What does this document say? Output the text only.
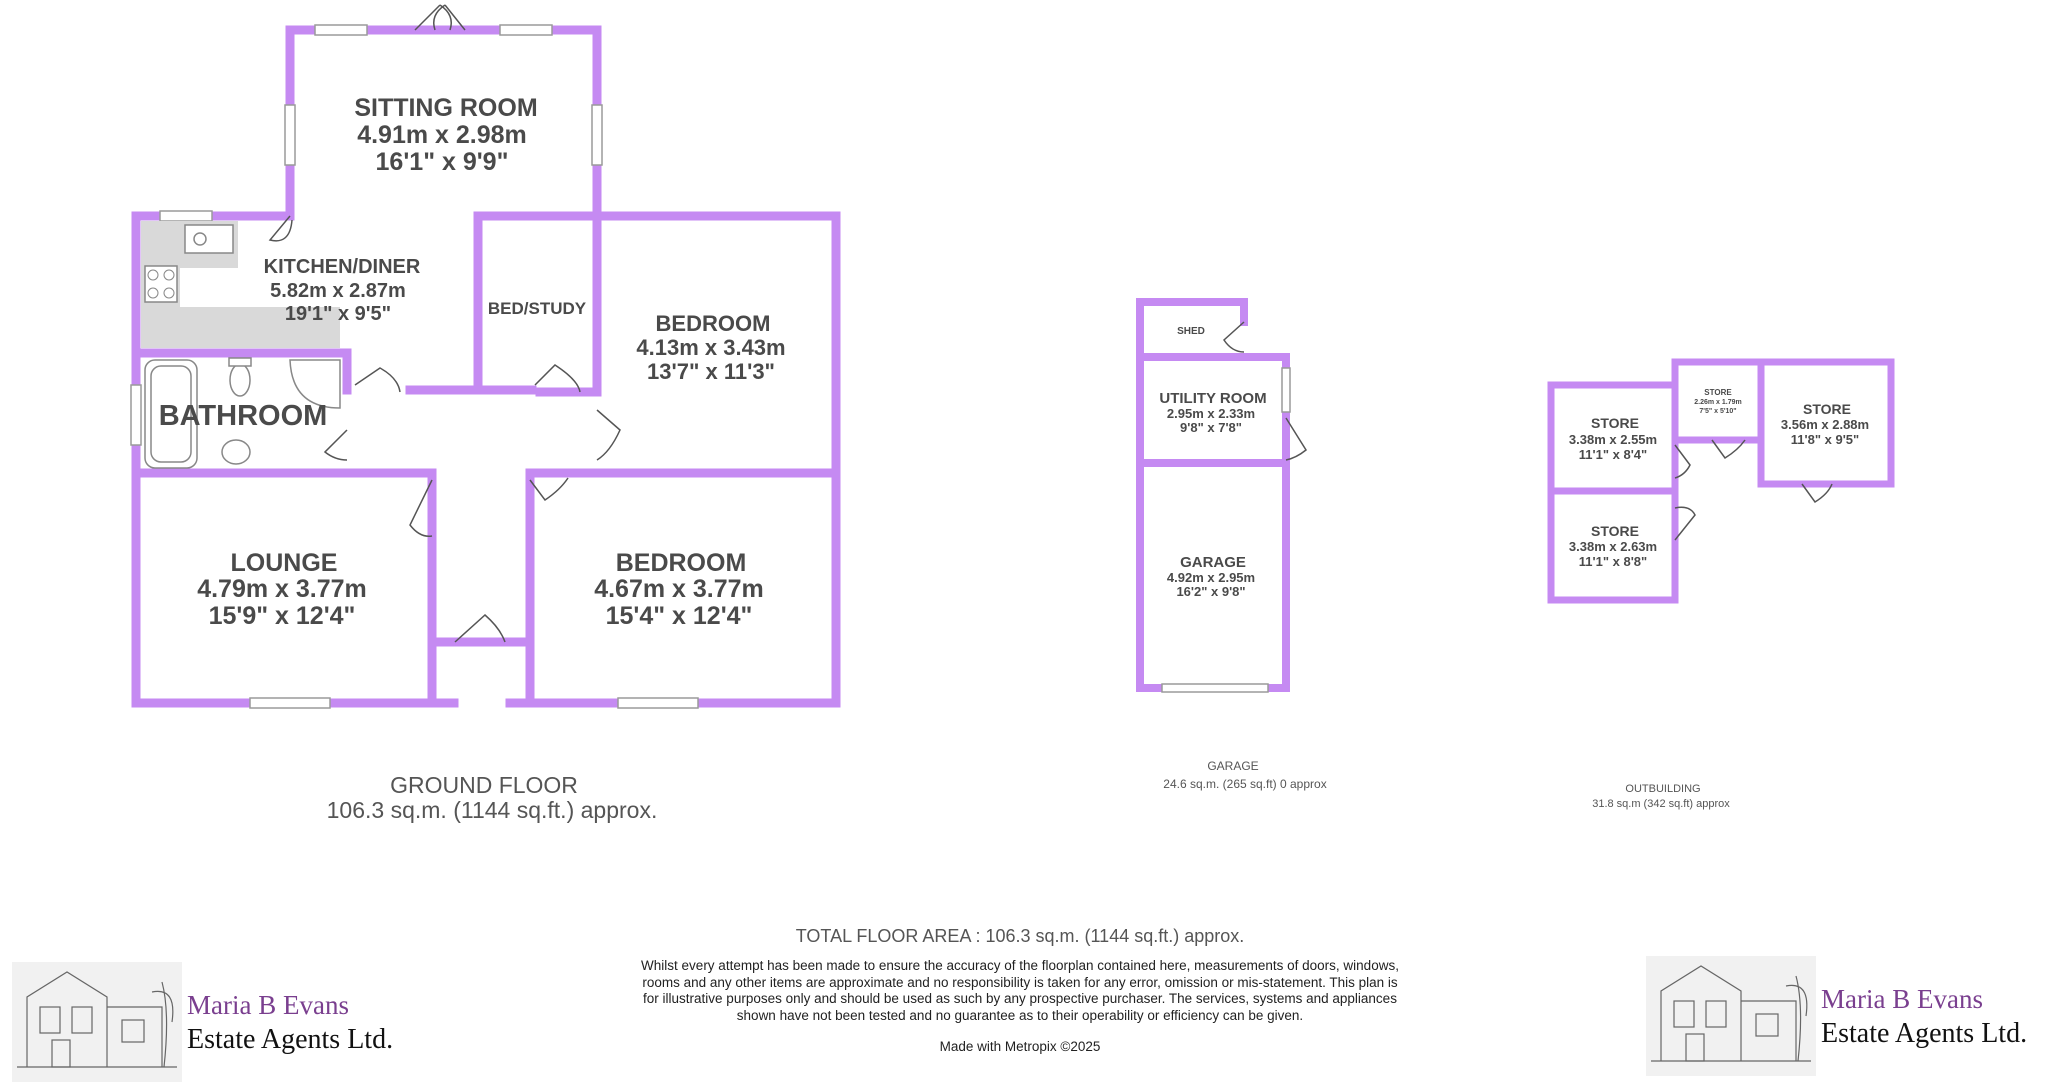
SITTING ROOM
4.91m x 2.98m
16'1" x 9'9"
KITCHEN/DINER
5.82m x 2.87m
19'1" x 9'5"	BED/STUDY
BEDROOM
4.13m x 3.43m
13'7" x 11'3"
BATHROOM
LOUNGE
4.79m x 3.77m
15'9" x 12'4"
BEDROOM
4.67m x 3.77m
15'4" x 12'4"
GROUND FLOOR
106.3 sq.m. (1144 sq.ft.) approx.
SHED
UTILITY ROOM
2.95m x 2.33m
9'8" x 7'8"
GARAGE
4.92m x 2.95m
16'2" x 9'8"
GARAGE
24.6 sq.m. (265 sq.ft) 0 approx
STORE
3.38m x 2.55m
11'1" x 8'4"
STORE
2.26m x 1.79m
7'5" x 5'10"	STORE
3.56m x 2.88m
11'8" x 9'5"
STORE
3.38m x 2.63m
11'1" x 8'8"
OUTBUILDING
31.8 sq.m (342 sq.ft) approx
TOTAL FLOOR AREA : 106.3 sq.m. (1144 sq.ft.) approx.

Whilst every attempt has been made to ensure the accuracy of the floorplan contained here, measurements of doors, windows, rooms and any other items are approximate and no responsibility is taken for any error, omission or mis-statement. This plan is for illustrative purposes only and should be used as such by any prospective purchaser. The services, systems and appliances shown have not been tested and no guarantee as to their operability or efficiency can be given.

Made with Metropix ©2025
Maria B Evans
Estate Agents Ltd.
Maria B Evans
Estate Agents Ltd.
